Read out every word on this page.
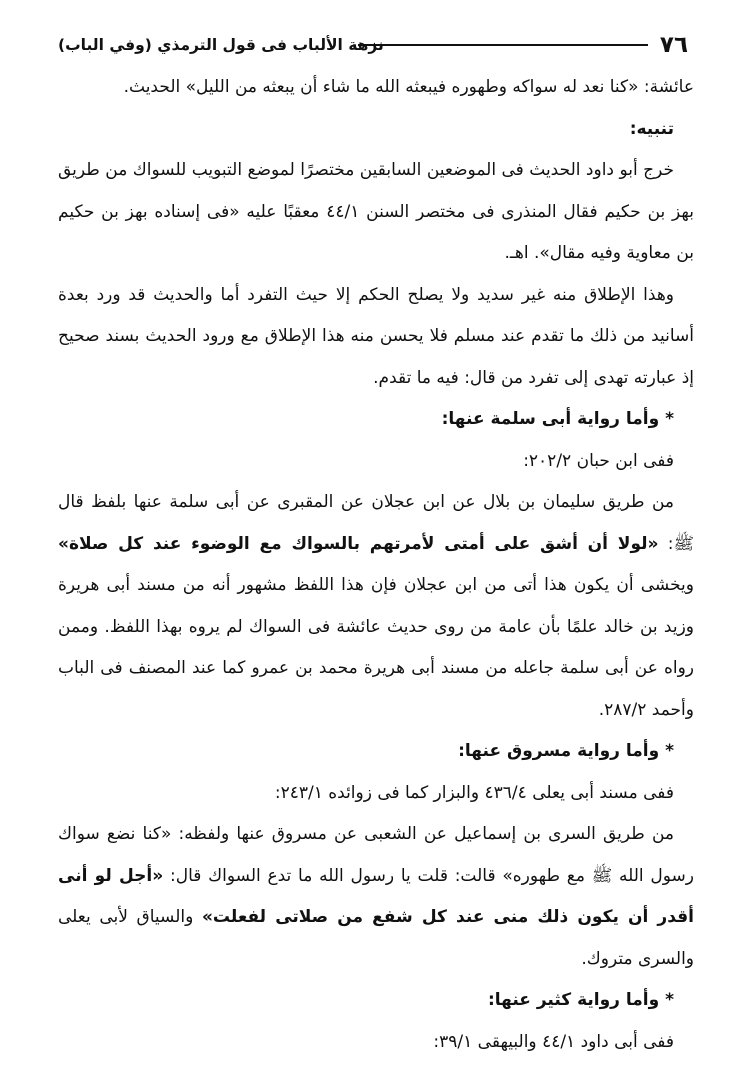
٧٦
نزهة الألباب فى قول الترمذي (وفي الباب)

عائشة: «كنا نعد له سواكه وطهوره فيبعثه الله ما شاء أن يبعثه من الليل» الحديث.

تنبيه:

خرج أبو داود الحديث فى الموضعين السابقين مختصرًا لموضع التبويب للسواك من طريق بهز بن حكيم فقال المنذرى فى مختصر السنن ٤٤/١ معقبًا عليه «فى إسناده بهز بن حكيم بن معاوية وفيه مقال». اهـ.

وهذا الإطلاق منه غير سديد ولا يصلح الحكم إلا حيث التفرد أما والحديث قد ورد بعدة أسانيد من ذلك ما تقدم عند مسلم فلا يحسن منه هذا الإطلاق مع ورود الحديث بسند صحيح إذ عبارته تهدى إلى تفرد من قال: فيه ما تقدم.

* وأما رواية أبى سلمة عنها:

ففى ابن حبان ٢٠٢/٢:

من طريق سليمان بن بلال عن ابن عجلان عن المقبرى عن أبى سلمة عنها بلفظ قال ﷺ: «لولا أن أشق على أمتى لأمرتهم بالسواك مع الوضوء عند كل صلاة» ويخشى أن يكون هذا أتى من ابن عجلان فإن هذا اللفظ مشهور أنه من مسند أبى هريرة وزيد بن خالد علمًا بأن عامة من روى حديث عائشة فى السواك لم يروه بهذا اللفظ. وممن رواه عن أبى سلمة جاعله من مسند أبى هريرة محمد بن عمرو كما عند المصنف فى الباب وأحمد ٢٨٧/٢.

* وأما رواية مسروق عنها:

ففى مسند أبى يعلى ٤٣٦/٤ والبزار كما فى زوائده ٢٤٣/١:

من طريق السرى بن إسماعيل عن الشعبى عن مسروق عنها ولفظه: «كنا نضع سواك رسول الله ﷺ مع طهوره» قالت: قلت يا رسول الله ما تدع السواك قال: «أجل لو أنى أقدر أن يكون ذلك منى عند كل شفع من صلاتى لفعلت» والسياق لأبى يعلى والسرى متروك.

* وأما رواية كثير عنها:

ففى أبى داود ٤٤/١ والبيهقى ٣٩/١:
